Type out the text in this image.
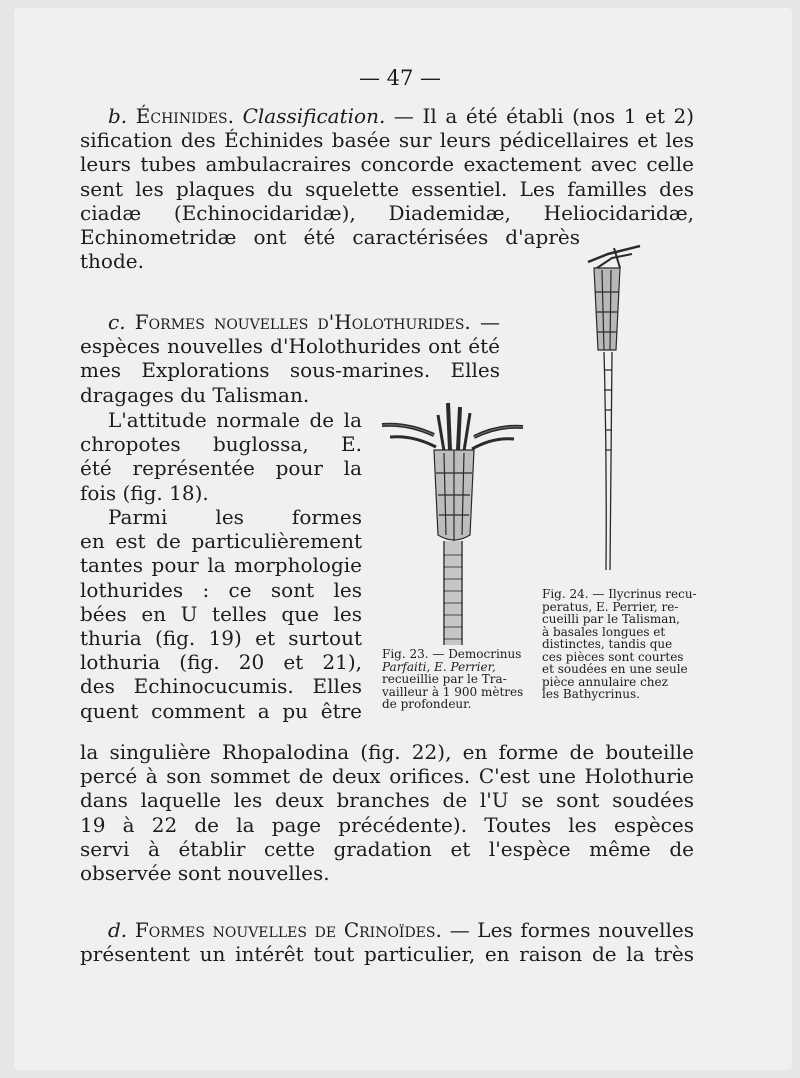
— 47 —
b. Échinides. Classification. — Il a été établi (nos 1 et 2)
sification des Échinides basée sur leurs pédicellaires et les
leurs tubes ambulacraires concorde exactement avec celle
sent les plaques du squelette essentiel. Les familles des
ciadæ (Echinocidaridæ), Diademidæ, Heliocidaridæ,
Echinometridæ ont été caractérisées d'après
thode.
c. Formes nouvelles d'Holothurides. —
espèces nouvelles d'Holothurides ont été
mes Explorations sous-marines. Elles
dragages du Talisman.
L'attitude normale de la
chropotes buglossa, E.
été représentée pour la
fois (fig. 18).
Parmi les formes
en est de particulièrement
tantes pour la morphologie
lothurides : ce sont les
bées en U telles que les
thuria (fig. 19) et surtout
lothuria (fig. 20 et 21),
des Echinocucumis. Elles
quent comment a pu être
la singulière Rhopalodina (fig. 22), en forme de bouteille
percé à son sommet de deux orifices. C'est une Holothurie
dans laquelle les deux branches de l'U se sont soudées
19 à 22 de la page précédente). Toutes les espèces
servi à établir cette gradation et l'espèce même de
observée sont nouvelles.
d. Formes nouvelles de Crinoïdes. — Les formes nouvelles
présentent un intérêt tout particulier, en raison de la très
Fig. 23. — Democrinus
Parfaiti, E. Perrier,
recueillie par le Tra-
vailleur à 1 900 mètres
de profondeur.
Fig. 24. — Ilycrinus recu-
peratus, E. Perrier, re-
cueilli par le Talisman,
à basales longues et
distinctes, tandis que
ces pièces sont courtes
et soudées en une seule
pièce annulaire chez
les Bathycrinus.
